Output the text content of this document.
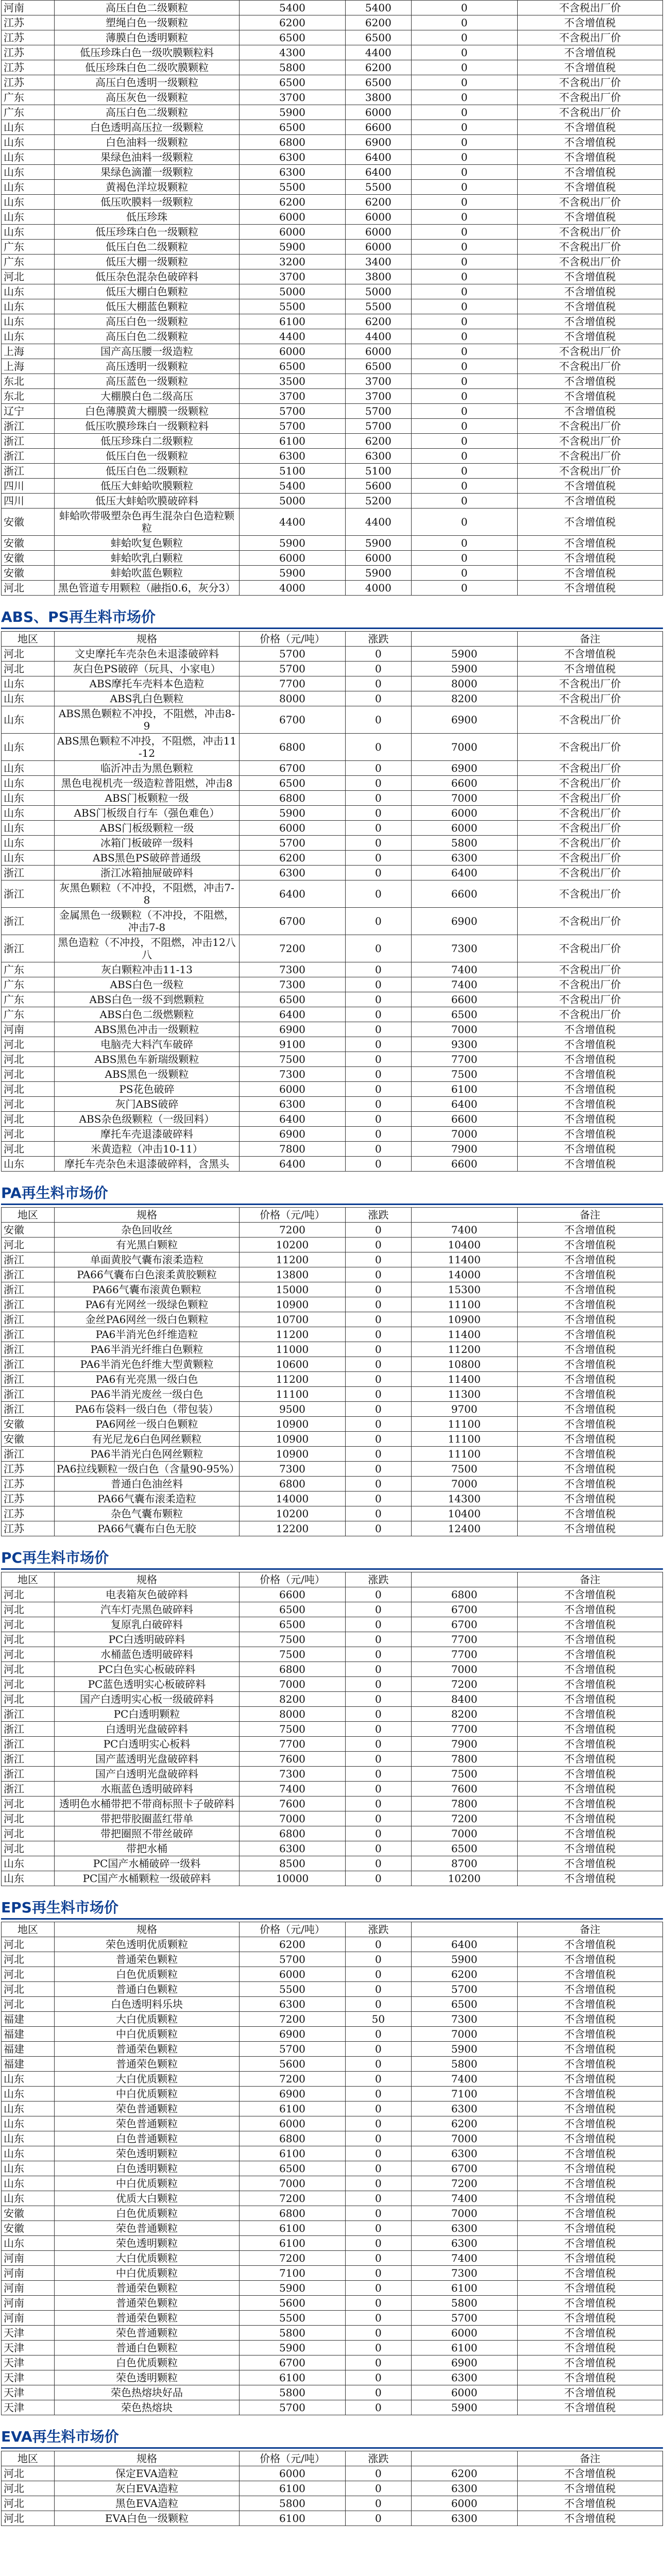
河南	高压白色二级颗粒	5400	5400	0	不含税出厂价
江苏	塑绳白色一级颗粒	6200	6200	0	不含增值税
江苏	薄膜白色透明颗粒	6500	6500	0	不含税出厂价
江苏	低压珍珠白色一级吹膜颗粒料	4300	4400	0	不含增值税
江苏	低压珍珠白色二级吹膜颗粒	5800	6200	0	不含增值税
江苏	高压白色透明一级颗粒	6500	6500	0	不含税出厂价
广东	高压灰色一级颗粒	3700	3800	0	不含税出厂价
广东	高压白色二级颗粒	5900	6000	0	不含税出厂价
山东	白色透明高压拉一级颗粒	6500	6600	0	不含增值税
山东	白色油料一级颗粒	6800	6900	0	不含增值税
山东	果绿色油料一级颗粒	6300	6400	0	不含增值税
山东	果绿色滴灌一级颗粒	6300	6400	0	不含增值税
山东	黄褐色洋垃圾颗粒	5500	5500	0	不含增值税
山东	低压吹膜料一级颗粒	6200	6200	0	不含税出厂价
山东	低压珍珠	6000	6000	0	不含增值税
山东	低压珍珠白色一级颗粒	6000	6000	0	不含税出厂价
广东	低压白色二级颗粒	5900	6000	0	不含税出厂价
广东	低压大棚一级颗粒	3200	3400	0	不含税出厂价
河北	低压杂色混杂色破碎料	3700	3800	0	不含增值税
山东	低压大棚白色颗粒	5000	5000	0	不含增值税
山东	低压大棚蓝色颗粒	5500	5500	0	不含增值税
山东	高压白色一级颗粒	6100	6200	0	不含增值税
山东	高压白色二级颗粒	4400	4400	0	不含增值税
上海	国产高压腰一级造粒	6000	6000	0	不含税出厂价
上海	高压透明一级颗粒	6500	6500	0	不含税出厂价
东北	高压蓝色一级颗粒	3500	3700	0	不含增值税
东北	大棚膜白色二级高压	3700	3700	0	不含增值税
辽宁	白色薄膜黄大棚膜一级颗粒	5700	5700	0	不含增值税
浙江	低压吹膜珍珠白一级颗粒料	5700	5700	0	不含税出厂价
浙江	低压珍珠白二级颗粒	6100	6200	0	不含税出厂价
浙江	低压白色一级颗粒	6300	6300	0	不含税出厂价
浙江	低压白色二级颗粒	5100	5100	0	不含税出厂价
四川	低压大蚌蛤吹膜颗粒	5400	5600	0	不含增值税
四川	低压大蚌蛤吹膜破碎料	5000	5200	0	不含增值税
安徽	蚌蛤吹带吸塑杂色再生混杂白色造粒颗粒	4400	4400	0	不含增值税
安徽	蚌蛤吹复色颗粒	5900	5900	0	不含增值税
安徽	蚌蛤吹乳白颗粒	6000	6000	0	不含增值税
安徽	蚌蛤吹蓝色颗粒	5900	5900	0	不含增值税
河北	黑色管道专用颗粒（融指0.6，灰分3）	4000	4000	0	不含增值税
ABS、PS再生料市场价
地区	规格	价格（元/吨）	涨跌		备注
河北	文史摩托车壳杂色未退漆破碎料	5700	0	5900	不含增值税
河北	灰白色PS破碎（玩具、小家电）	5700	0	5900	不含增值税
山东	ABS摩托车壳料本色造粒	7700	0	8000	不含税出厂价
山东	ABS乳白色颗粒	8000	0	8200	不含税出厂价
山东	ABS黑色颗粒不冲投，不阻燃，冲击8-9	6700	0	6900	不含税出厂价
山东	ABS黑色颗粒不冲投，不阻燃，冲击11-12	6800	0	7000	不含税出厂价
山东	临沂冲击为黑色颗粒	6700	0	6900	不含税出厂价
山东	黑色电视机壳一级造粒普阻燃，冲击8	6500	0	6600	不含税出厂价
山东	ABS门板颗粒一级	6800	0	7000	不含税出厂价
山东	ABS门板级自行车（强色难色）	5900	0	6000	不含税出厂价
山东	ABS门板级颗粒一级	6000	0	6000	不含税出厂价
山东	冰箱门板破碎一级料	5700	0	5800	不含税出厂价
山东	ABS黑色PS破碎普通级	6200	0	6300	不含税出厂价
浙江	浙江冰箱抽屉破碎料	6300	0	6400	不含税出厂价
浙江	灰黑色颗粒（不冲投，不阻燃，冲击7-8	6400	0	6600	不含税出厂价
浙江	金属黑色一级颗粒（不冲投，不阻燃，冲击7-8	6700	0	6900	不含税出厂价
浙江	黑色造粒（不冲投，不阻燃，冲击12八八	7200	0	7300	不含税出厂价
广东	灰白颗粒冲击11-13	7300	0	7400	不含税出厂价
广东	ABS白色一级粒	7300	0	7400	不含税出厂价
广东	ABS白色一级不到燃颗粒	6500	0	6600	不含税出厂价
广东	ABS白色二级燃颗粒	6400	0	6500	不含税出厂价
河南	ABS黑色冲击一级颗粒	6900	0	7000	不含增值税
河北	电脑壳大料汽车破碎	9100	0	9300	不含增值税
河北	ABS黑色车新瑞级颗粒	7500	0	7700	不含增值税
河北	ABS黑色一级颗粒	7300	0	7500	不含增值税
河北	PS花色破碎	6000	0	6100	不含增值税
河北	灰门ABS破碎	6300	0	6400	不含增值税
河北	ABS杂色级颗粒（一级回料）	6400	0	6600	不含增值税
河北	摩托车壳退漆破碎料	6900	0	7000	不含增值税
河北	米黄造粒（冲击10-11）	7800	0	7900	不含增值税
山东	摩托车壳杂色未退漆破碎料，含黑头	6400	0	6600	不含增值税
PA再生料市场价
地区	规格	价格（元/吨）	涨跌		备注
安徽	杂色回收丝	7200	0	7400	不含增值税
河北	有光黑白颗粒	10200	0	10400	不含增值税
浙江	单面黄胶气囊布滚柔造粒	11200	0	11400	不含增值税
浙江	PA66气囊布白色滚柔黄胶颗粒	13800	0	14000	不含增值税
浙江	PA66气囊布滚黄色颗粒	15000	0	15300	不含增值税
浙江	PA6有光网丝一级绿色颗粒	10900	0	11100	不含增值税
浙江	金丝PA6网丝一级白色颗粒	10700	0	10900	不含增值税
浙江	PA6半消光色纤维造粒	11200	0	11400	不含增值税
浙江	PA6半消光纤维白色颗粒	11000	0	11200	不含增值税
浙江	PA6半消光色纤维大型黄颗粒	10600	0	10800	不含增值税
浙江	PA6有光亮黑一级白色	11200	0	11400	不含增值税
浙江	PA6半消光废丝一级白色	11100	0	11300	不含增值税
浙江	PA6布袋料一级白色（带包装）	9500	0	9700	不含增值税
安徽	PA6网丝一级白色颗粒	10900	0	11100	不含增值税
安徽	有光尼龙6白色网丝颗粒	10900	0	11100	不含增值税
浙江	PA6半消光白色网丝颗粒	10900	0	11100	不含增值税
江苏	PA6拉线颗粒一级白色（含量90-95%）	7300	0	7500	不含增值税
江苏	普通白色油丝料	6800	0	7000	不含增值税
江苏	PA66气囊布滚柔造粒	14000	0	14300	不含增值税
江苏	杂色气囊布颗粒	10200	0	10400	不含增值税
江苏	PA66气囊布白色无胶	12200	0	12400	不含增值税
PC再生料市场价
地区	规格	价格（元/吨）	涨跌		备注
河北	电表箱灰色破碎料	6600	0	6800	不含增值税
河北	汽车灯壳黑色破碎料	6500	0	6700	不含增值税
河北	复原乳白破碎料	6500	0	6700	不含增值税
河北	PC白透明破碎料	7500	0	7700	不含增值税
河北	水桶蓝色透明破碎料	7500	0	7700	不含增值税
河北	PC白色实心板破碎料	6800	0	7000	不含增值税
河北	PC蓝色透明实心板破碎料	7000	0	7200	不含增值税
河北	国产白透明实心板一级破碎料	8200	0	8400	不含增值税
浙江	PC白透明颗粒	8000	0	8200	不含增值税
浙江	白透明光盘破碎料	7500	0	7700	不含增值税
浙江	PC白透明实心板料	7700	0	7900	不含增值税
浙江	国产蓝透明光盘破碎料	7600	0	7800	不含增值税
浙江	国产白透明光盘破碎料	7300	0	7500	不含增值税
浙江	水瓶蓝色透明破碎料	7400	0	7600	不含增值税
河北	透明色水桶带把不带商标照卡子破碎料	7600	0	7800	不含增值税
河北	带把带胶圈蓝红带单	7000	0	7200	不含增值税
河北	带把圈照不带丝破碎	6800	0	7000	不含增值税
河北	带把水桶	6300	0	6500	不含增值税
山东	PC国产水桶破碎一级料	8500	0	8700	不含增值税
山东	PC国产水桶颗粒一级破碎料	10000	0	10200	不含增值税
EPS再生料市场价
地区	规格	价格（元/吨）	涨跌		备注
河北	荣色透明优质颗粒	6200	0	6400	不含增值税
河北	普通荣色颗粒	5700	0	5900	不含增值税
河北	白色优质颗粒	6000	0	6200	不含增值税
河北	普通白色颗粒	5500	0	5700	不含增值税
河北	白色透明料乐块	6300	0	6500	不含增值税
福建	大白优质颗粒	7200	50	7300	不含增值税
福建	中白优质颗粒	6900	0	7000	不含增值税
福建	普通荣色颗粒	5700	0	5900	不含增值税
福建	普通荣色颗粒	5600	0	5800	不含增值税
山东	大白优质颗粒	7200	0	7400	不含增值税
山东	中白优质颗粒	6900	0	7100	不含增值税
山东	荣色普通颗粒	6100	0	6300	不含增值税
山东	荣色普通颗粒	6000	0	6200	不含增值税
山东	白色普通颗粒	6800	0	7000	不含增值税
山东	荣色透明颗粒	6100	0	6300	不含增值税
山东	白色透明颗粒	6500	0	6700	不含增值税
山东	中白优质颗粒	7000	0	7200	不含增值税
山东	优质大白颗粒	7200	0	7400	不含增值税
安徽	白色优质颗粒	6800	0	7000	不含增值税
安徽	荣色普通颗粒	6100	0	6300	不含增值税
山东	荣色透明颗粒	6100	0	6300	不含增值税
河南	大白优质颗粒	7200	0	7400	不含增值税
河南	中白优质颗粒	7100	0	7300	不含增值税
河南	普通荣色颗粒	5900	0	6100	不含增值税
河南	普通荣色颗粒	5600	0	5800	不含增值税
河南	普通荣色颗粒	5500	0	5700	不含增值税
天津	荣色普通颗粒	5800	0	6000	不含增值税
天津	普通白色颗粒	5900	0	6100	不含增值税
天津	白色优质颗粒	6700	0	6900	不含增值税
天津	荣色透明颗粒	6100	0	6300	不含增值税
天津	荣色热熔块好品	5800	0	6000	不含增值税
天津	荣色热熔块	5700	0	5900	不含增值税
EVA再生料市场价
地区	规格	价格（元/吨）	涨跌		备注
河北	保定EVA造粒	6000	0	6200	不含增值税
河北	灰白EVA造粒	6100	0	6300	不含增值税
河北	黑色EVA造粒	5800	0	6000	不含增值税
河北	EVA白色一级颗粒	6100	0	6300	不含增值税
